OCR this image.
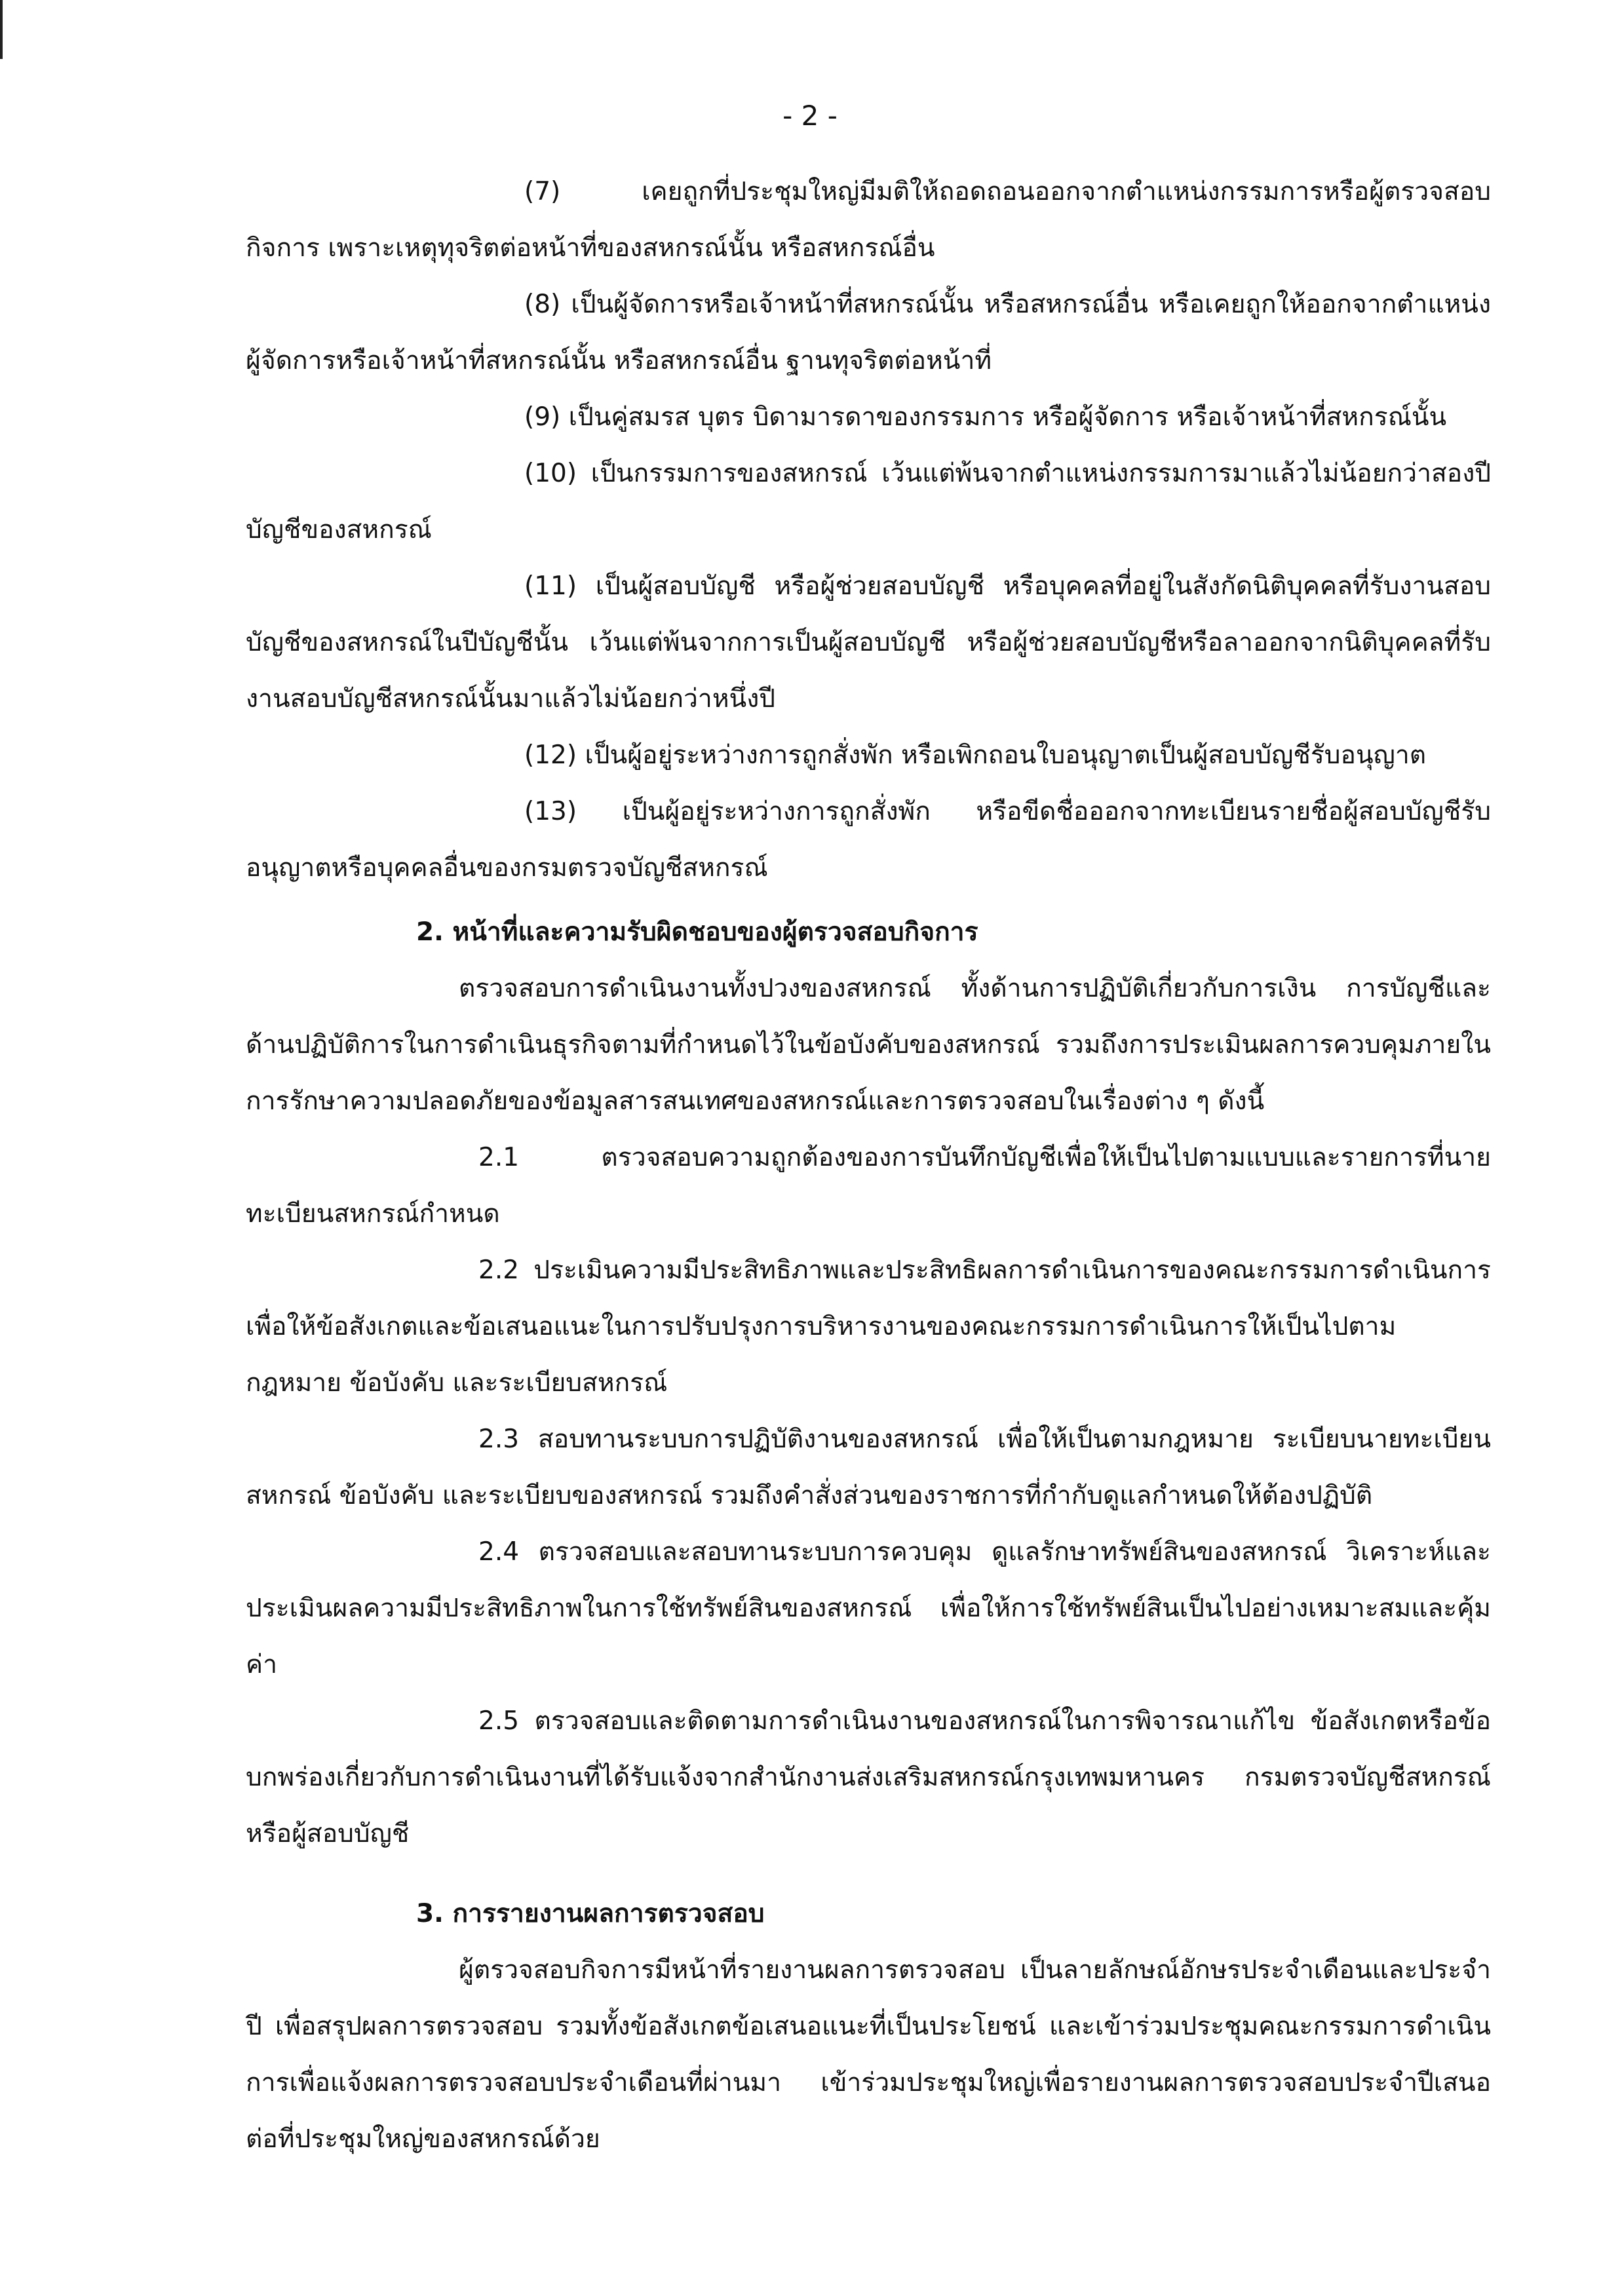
- 2 -

(7) เคยถูกที่ประชุมใหญ่มีมติให้ถอดถอนออกจากตำแหน่งกรรมการหรือผู้ตรวจสอบกิจการ เพราะเหตุทุจริตต่อหน้าที่ของสหกรณ์นั้น หรือสหกรณ์อื่น

(8) เป็นผู้จัดการหรือเจ้าหน้าที่สหกรณ์นั้น หรือสหกรณ์อื่น หรือเคยถูกให้ออกจากตำแหน่งผู้จัดการหรือเจ้าหน้าที่สหกรณ์นั้น หรือสหกรณ์อื่น ฐานทุจริตต่อหน้าที่

(9) เป็นคู่สมรส บุตร บิดามารดาของกรรมการ หรือผู้จัดการ หรือเจ้าหน้าที่สหกรณ์นั้น

(10) เป็นกรรมการของสหกรณ์ เว้นแต่พ้นจากตำแหน่งกรรมการมาแล้วไม่น้อยกว่าสองปีบัญชีของสหกรณ์

(11) เป็นผู้สอบบัญชี หรือผู้ช่วยสอบบัญชี หรือบุคคลที่อยู่ในสังกัดนิติบุคคลที่รับงานสอบบัญชีของสหกรณ์ในปีบัญชีนั้น เว้นแต่พ้นจากการเป็นผู้สอบบัญชี หรือผู้ช่วยสอบบัญชีหรือลาออกจากนิติบุคคลที่รับงานสอบบัญชีสหกรณ์นั้นมาแล้วไม่น้อยกว่าหนึ่งปี

(12) เป็นผู้อยู่ระหว่างการถูกสั่งพัก หรือเพิกถอนใบอนุญาตเป็นผู้สอบบัญชีรับอนุญาต

(13) เป็นผู้อยู่ระหว่างการถูกสั่งพัก หรือขีดชื่อออกจากทะเบียนรายชื่อผู้สอบบัญชีรับอนุญาตหรือบุคคลอื่นของกรมตรวจบัญชีสหกรณ์

2. หน้าที่และความรับผิดชอบของผู้ตรวจสอบกิจการ

ตรวจสอบการดำเนินงานทั้งปวงของสหกรณ์ ทั้งด้านการปฏิบัติเกี่ยวกับการเงิน การบัญชีและด้านปฏิบัติการในการดำเนินธุรกิจตามที่กำหนดไว้ในข้อบังคับของสหกรณ์ รวมถึงการประเมินผลการควบคุมภายใน การรักษาความปลอดภัยของข้อมูลสารสนเทศของสหกรณ์และการตรวจสอบในเรื่องต่าง ๆ ดังนี้

2.1 ตรวจสอบความถูกต้องของการบันทึกบัญชีเพื่อให้เป็นไปตามแบบและรายการที่นายทะเบียนสหกรณ์กำหนด

2.2 ประเมินความมีประสิทธิภาพและประสิทธิผลการดำเนินการของคณะกรรมการดำเนินการ เพื่อให้ข้อสังเกตและข้อเสนอแนะในการปรับปรุงการบริหารงานของคณะกรรมการดำเนินการให้เป็นไปตามกฎหมาย ข้อบังคับ และระเบียบสหกรณ์

2.3 สอบทานระบบการปฏิบัติงานของสหกรณ์ เพื่อให้เป็นตามกฎหมาย ระเบียบนายทะเบียนสหกรณ์ ข้อบังคับ และระเบียบของสหกรณ์ รวมถึงคำสั่งส่วนของราชการที่กำกับดูแลกำหนดให้ต้องปฏิบัติ

2.4 ตรวจสอบและสอบทานระบบการควบคุม ดูแลรักษาทรัพย์สินของสหกรณ์ วิเคราะห์และประเมินผลความมีประสิทธิภาพในการใช้ทรัพย์สินของสหกรณ์ เพื่อให้การใช้ทรัพย์สินเป็นไปอย่างเหมาะสมและคุ้มค่า

2.5 ตรวจสอบและติดตามการดำเนินงานของสหกรณ์ในการพิจารณาแก้ไข ข้อสังเกตหรือข้อบกพร่องเกี่ยวกับการดำเนินงานที่ได้รับแจ้งจากสำนักงานส่งเสริมสหกรณ์กรุงเทพมหานคร กรมตรวจบัญชีสหกรณ์ หรือผู้สอบบัญชี

3. การรายงานผลการตรวจสอบ

ผู้ตรวจสอบกิจการมีหน้าที่รายงานผลการตรวจสอบ เป็นลายลักษณ์อักษรประจำเดือนและประจำปี เพื่อสรุปผลการตรวจสอบ รวมทั้งข้อสังเกตข้อเสนอแนะที่เป็นประโยชน์ และเข้าร่วมประชุมคณะกรรมการดำเนินการเพื่อแจ้งผลการตรวจสอบประจำเดือนที่ผ่านมา เข้าร่วมประชุมใหญ่เพื่อรายงานผลการตรวจสอบประจำปีเสนอต่อที่ประชุมใหญ่ของสหกรณ์ด้วย
